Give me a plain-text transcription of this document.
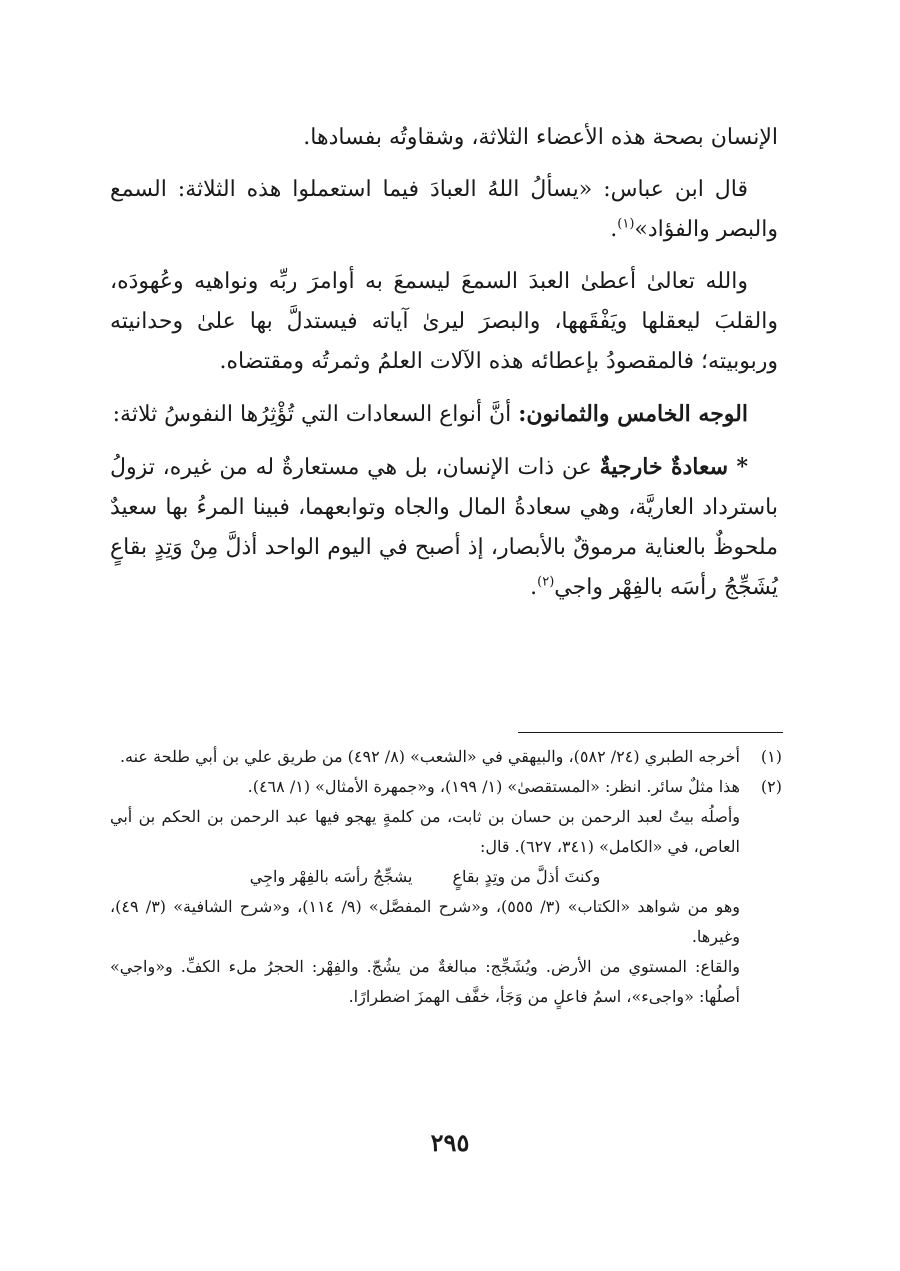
الإنسان بصحة هذه الأعضاء الثلاثة، وشقاوتُه بفسادها.

قال ابن عباس: «يسألُ اللهُ العبادَ فيما استعملوا هذه الثلاثة: السمع والبصر والفؤاد»$^{(١)}$.

والله تعالىٰ أعطىٰ العبدَ السمعَ ليسمعَ به أوامرَ ربِّه ونواهيه وعُهودَه، والقلبَ ليعقلها ويَفْقَهها، والبصرَ ليرىٰ آياته فيستدلَّ بها علىٰ وحدانيته وربوبيته؛ فالمقصودُ بإعطائه هذه الآلات العلمُ وثمرتُه ومقتضاه.

الوجه الخامس والثمانون: أنَّ أنواع السعادات التي تُؤْثِرُها النفوسُ ثلاثة:

* سعادةٌ خارجيةٌ عن ذات الإنسان، بل هي مستعارةٌ له من غيره، تزولُ باسترداد العاريَّة، وهي سعادةُ المال والجاه وتوابعهما، فبينا المرءُ بها سعيدٌ ملحوظٌ بالعناية مرموقٌ بالأبصار، إذ أصبح في اليوم الواحد أذلَّ مِنْ وَتِدٍ بقاعٍ يُشَجِّجُ رأسَه بالفِهْر واجي$^{(٢)}$.

(١)
أخرجه الطبري (٢٤/ ٥٨٢)، والبيهقي في «الشعب» (٨/ ٤٩٢) من طريق علي بن أبي طلحة عنه.
(٢)
هذا مثلٌ سائر. انظر: «المستقصىٰ» (١/ ١٩٩)، و«جمهرة الأمثال» (١/ ٤٦٨).
وأصلُه بيتٌ لعبد الرحمن بن حسان بن ثابت، من كلمةٍ يهجو فيها عبد الرحمن بن الحكم بن أبي العاص، في «الكامل» (٣٤١، ٦٢٧). قال:
وكنتَ أذلَّ من وتِدٍ بقاعٍ
يشجِّجُ رأسَه بالفِهْر واجِي
وهو من شواهد «الكتاب» (٣/ ٥٥٥)، و«شرح المفصَّل» (٩/ ١١٤)، و«شرح الشافية» (٣/ ٤٩)، وغيرها.
والقاع: المستوي من الأرض. ويُشَجِّج: مبالغةٌ من يشُجّ. والفِهْر: الحجرُ ملء الكفِّ. و«واجي» أصلُها: «واجىء»، اسمُ فاعلٍ من وَجَأ، خفَّف الهمزَ اضطرارًا.
٢٩٥
